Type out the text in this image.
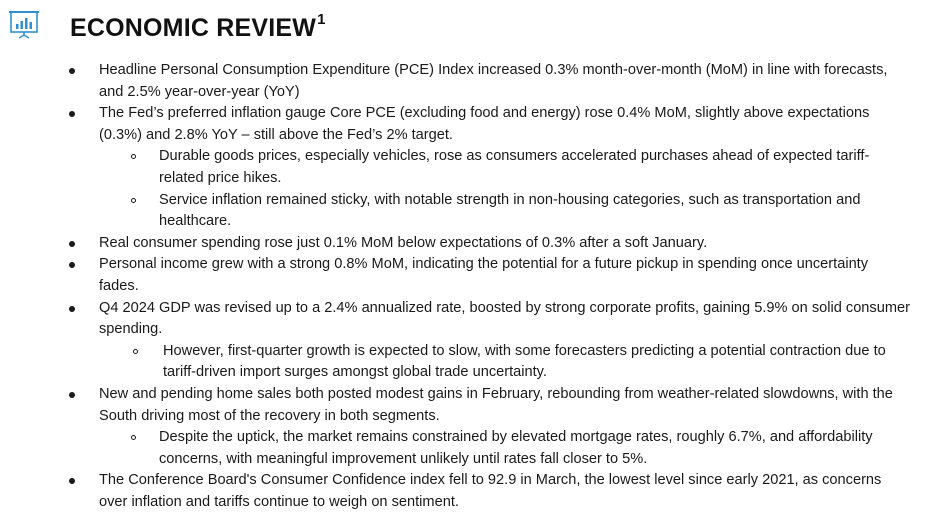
ECONOMIC REVIEW$^1$
Headline Personal Consumption Expenditure (PCE) Index increased 0.3% month-over-month (MoM) in line with forecasts, and 2.5% year-over-year (YoY)
The Fed’s preferred inflation gauge Core PCE (excluding food and energy) rose 0.4% MoM, slightly above expectations (0.3%) and 2.8% YoY – still above the Fed’s 2% target.
Durable goods prices, especially vehicles, rose as consumers accelerated purchases ahead of expected tariff-related price hikes.
Service inflation remained sticky, with notable strength in non-housing categories, such as transportation and healthcare.
Real consumer spending rose just 0.1% MoM below expectations of 0.3% after a soft January.
Personal income grew with a strong 0.8% MoM, indicating the potential for a future pickup in spending once uncertainty fades.
Q4 2024 GDP was revised up to a 2.4% annualized rate, boosted by strong corporate profits, gaining 5.9% on solid consumer spending.
However, first-quarter growth is expected to slow, with some forecasters predicting a potential contraction due to tariff-driven import surges amongst global trade uncertainty.
New and pending home sales both posted modest gains in February, rebounding from weather-related slowdowns, with the South driving most of the recovery in both segments.
Despite the uptick, the market remains constrained by elevated mortgage rates, roughly 6.7%, and affordability concerns, with meaningful improvement unlikely until rates fall closer to 5%.
The Conference Board's Consumer Confidence index fell to 92.9 in March, the lowest level since early 2021, as concerns over inflation and tariffs continue to weigh on sentiment.
